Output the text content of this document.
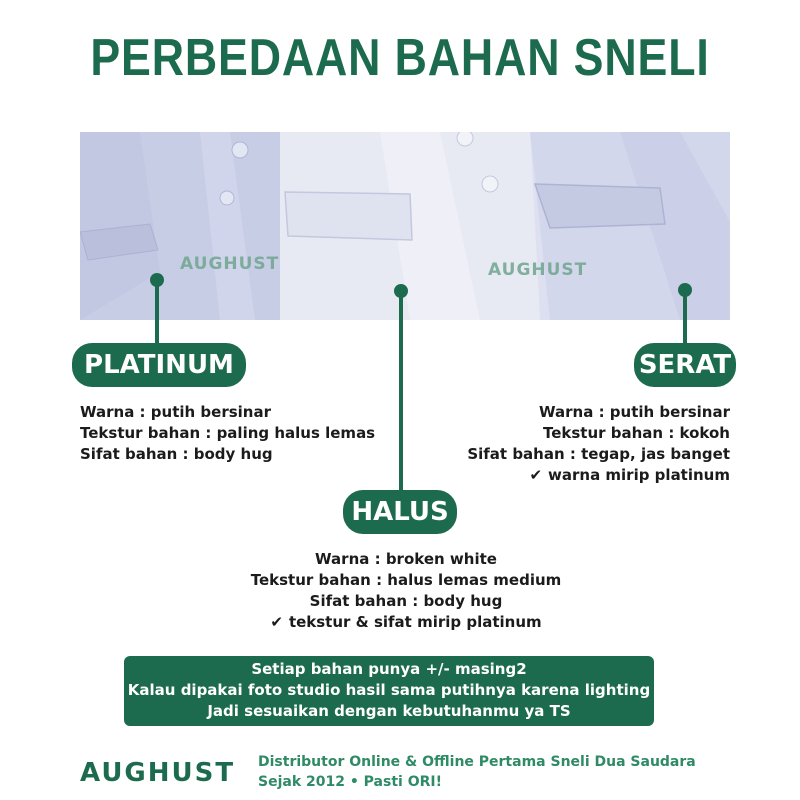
PERBEDAAN BAHAN SNELI
AUGHUST	AUGHUST
PLATINUM
Warna : putih bersinar
Tekstur bahan : paling halus lemas
Sifat bahan : body hug
SERAT
Warna : putih bersinar
Tekstur bahan : kokoh
Sifat bahan : tegap, jas banget
✔ warna mirip platinum
HALUS
Warna : broken white
Tekstur bahan : halus lemas medium
Sifat bahan : body hug
✔ tekstur & sifat mirip platinum
Setiap bahan punya +/- masing2
Kalau dipakai foto studio hasil sama putihnya karena lighting
Jadi sesuaikan dengan kebutuhanmu ya TS
AUGHUST Distributor Online & Offline Pertama Sneli Dua Saudara
Sejak 2012 • Pasti ORI!
